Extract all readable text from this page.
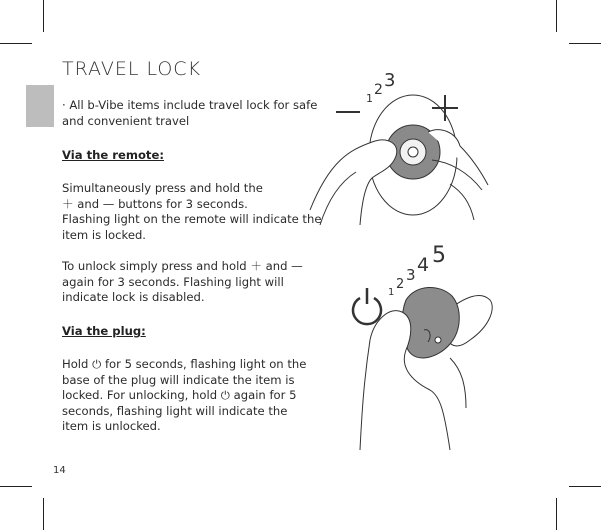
TRAVEL LOCK
· All b-Vibe items include travel lock for safe and convenient travel
Via the remote:
Simultaneously press and hold the
＋ and — buttons for 3 seconds.
Flashing light on the remote will indicate the item is locked.
To unlock simply press and hold ＋ and — again for 3 seconds. Flashing light will indicate lock is disabled.
Via the plug:
Hold ⏻ for 5 seconds, flashing light on the base of the plug will indicate the item is locked. For unlocking, hold ⏻ again for 5 seconds, flashing light will indicate the item is unlocked.
14
1
2 3
1
2
3 4 5
